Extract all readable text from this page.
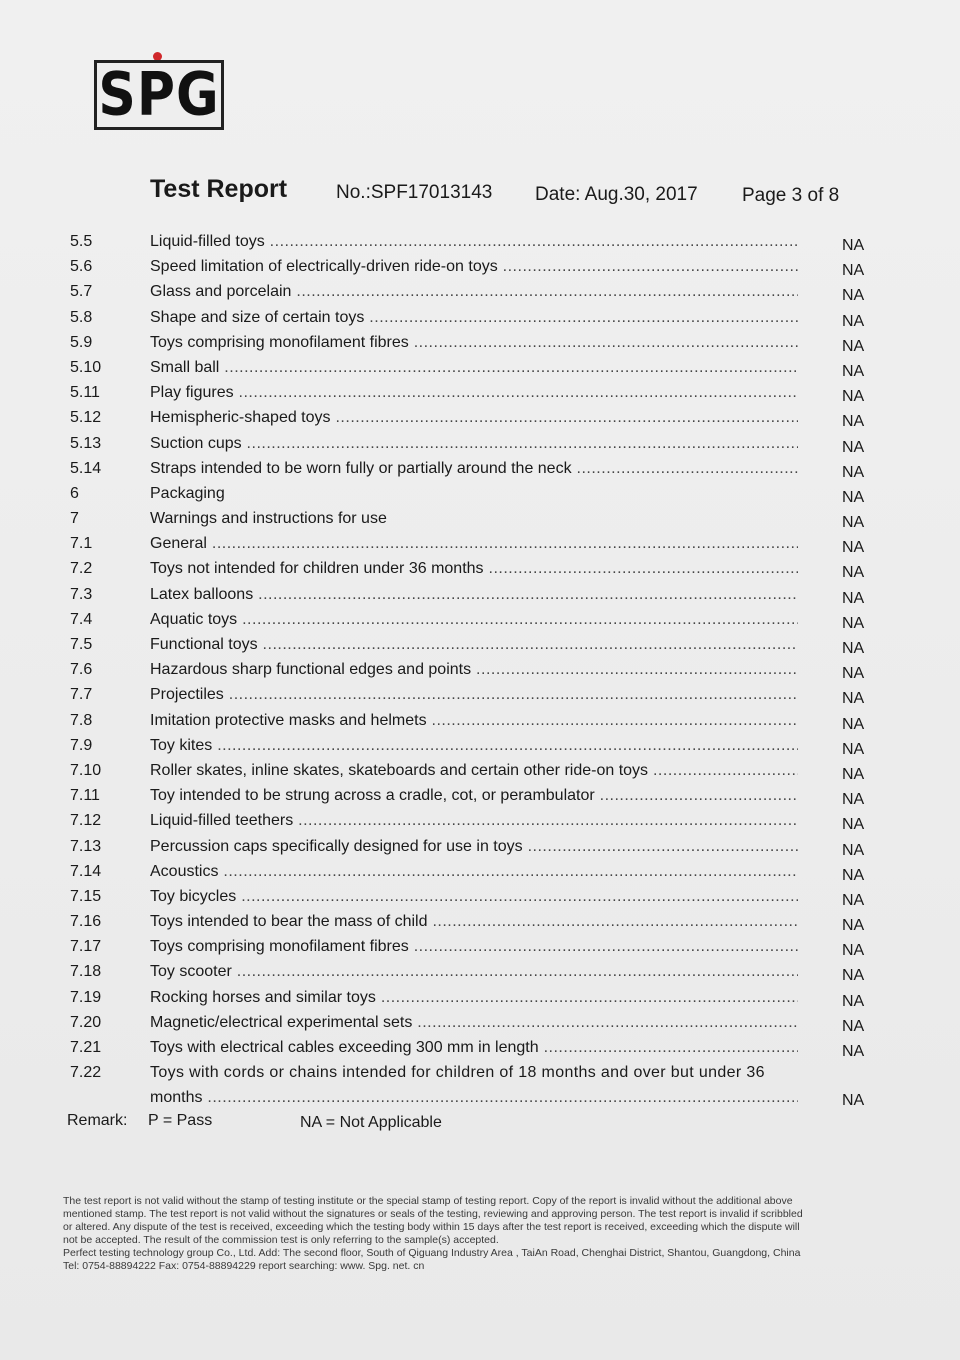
SPG
Test Report	No.:SPF17013143 Date: Aug.30, 2017 Page 3 of 8
5.5	Liquid-filled toys .....	NA
5.6	Speed limitation of electrically-driven ride-on toys .....	NA
5.7	Glass and porcelain .....	NA
5.8	Shape and size of certain toys .....	NA
5.9	Toys comprising monofilament fibres .....	NA
5.10	Small ball .....	NA
5.11	Play figures .....	NA
5.12	Hemispheric-shaped toys .....	NA
5.13	Suction cups .....	NA
5.14	Straps intended to be worn fully or partially around the neck .....	NA
6	Packaging	NA
7	Warnings and instructions for use	NA
7.1	General .....	NA
7.2	Toys not intended for children under 36 months .....	NA
7.3	Latex balloons .....	NA
7.4	Aquatic toys .....	NA
7.5	Functional toys .....	NA
7.6	Hazardous sharp functional edges and points .....	NA
7.7	Projectiles .....	NA
7.8	Imitation protective masks and helmets .....	NA
7.9	Toy kites .....	NA
7.10	Roller skates, inline skates, skateboards and certain other ride-on toys .....	NA
7.11	Toy intended to be strung across a cradle, cot, or perambulator .....	NA
7.12	Liquid-filled teethers .....	NA
7.13	Percussion caps specifically designed for use in toys .....	NA
7.14	Acoustics .....	NA
7.15	Toy bicycles .....	NA
7.16	Toys intended to bear the mass of child .....	NA
7.17	Toys comprising monofilament fibres .....	NA
7.18	Toy scooter .....	NA
7.19	Rocking horses and similar toys .....	NA
7.20	Magnetic/electrical experimental sets .....	NA
7.21	Toys with electrical cables exceeding 300 mm in length .....	NA
7.22	Toys with cords or chains intended for children of 18 months and over but under 36
months .....	NA
Remark: P = Pass	NA = Not Applicable

The test report is not valid without the stamp of testing institute or the special stamp of testing report. Copy of the report is invalid without the additional above

mentioned stamp. The test report is not valid without the signatures or seals of the testing, reviewing and approving person. The test report is invalid if scribbled

or altered. Any dispute of the test is received, exceeding which the testing body within 15 days after the test report is received, exceeding which the dispute will

not be accepted. The result of the commission test is only referring to the sample(s) accepted.

Perfect testing technology group Co., Ltd. Add: The second floor, South of Qiguang Industry Area , TaiAn Road, Chenghai District, Shantou, Guangdong, China

Tel: 0754-88894222 Fax: 0754-88894229 report searching: www. Spg. net. cn
